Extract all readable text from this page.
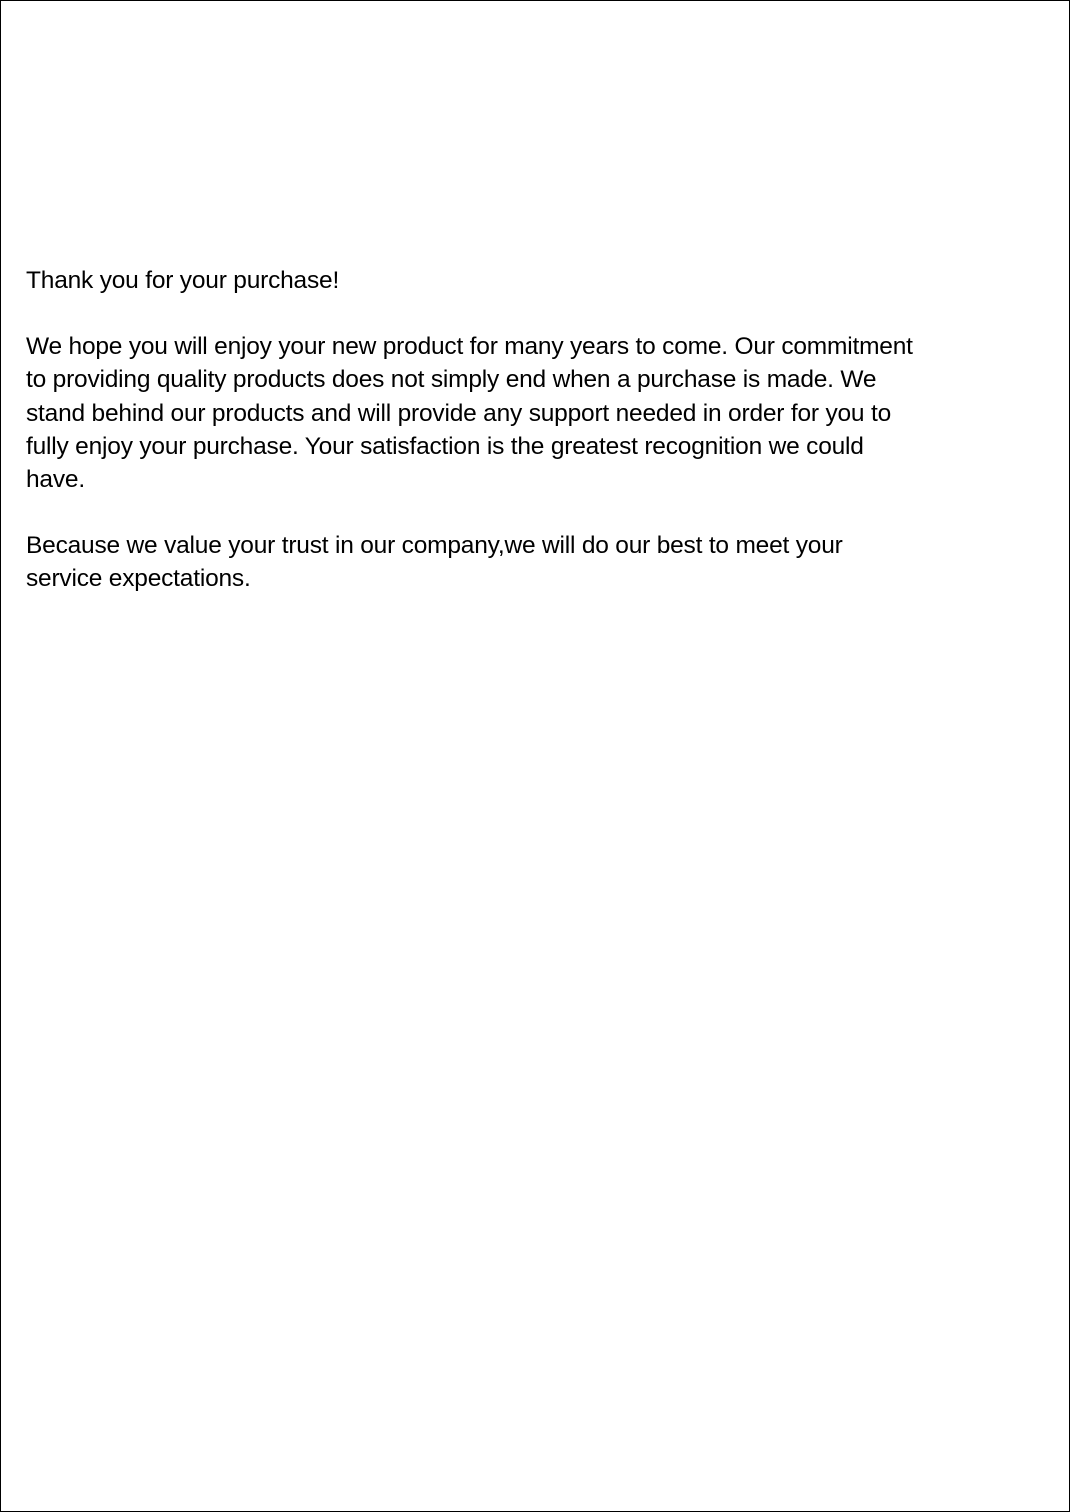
Thank you for your purchase!

We hope you will enjoy your new product for many years to come. Our commitment
to providing quality products does not simply end when a purchase is made. We
stand behind our products and will provide any support needed in order for you to
fully enjoy your purchase. Your satisfaction is the greatest recognition we could
have.

Because we value your trust in our company,we will do our best to meet your
service expectations.
